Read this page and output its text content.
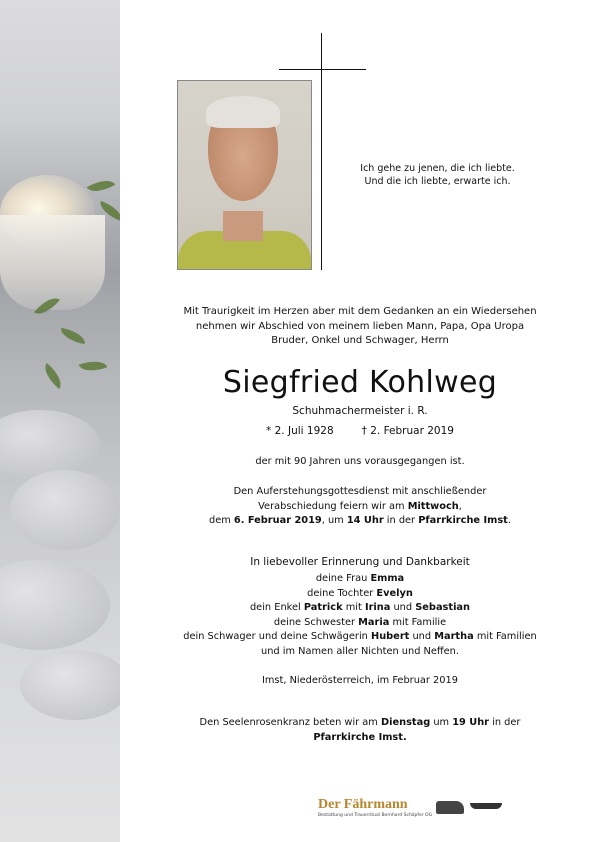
Ich gehe zu jenen, die ich liebte.
Und die ich liebte, erwarte ich.
Mit Traurigkeit im Herzen aber mit dem Gedanken an ein Wiedersehen
nehmen wir Abschied von meinem lieben Mann, Papa, Opa Uropa
Bruder, Onkel und Schwager, Herrn
Siegfried Kohlweg
Schuhmachermeister i. R.
* 2. Juli 1928	† 2. Februar 2019
der mit 90 Jahren uns vorausgegangen ist.
Den Auferstehungsgottesdienst mit anschließender
Verabschiedung feiern wir am Mittwoch,
dem 6. Februar 2019, um 14 Uhr in der Pfarrkirche Imst.
In liebevoller Erinnerung und Dankbarkeit
deine Frau Emma
deine Tochter Evelyn
dein Enkel Patrick mit Irina und Sebastian
deine Schwester Maria mit Familie
dein Schwager und deine Schwägerin Hubert und Martha mit Familien
und im Namen aller Nichten und Neffen.
Imst, Niederösterreich, im Februar 2019
Den Seelenrosenkranz beten wir am Dienstag um 19 Uhr in der
Pfarrkirche Imst.
Der Fährmann
Bestattung und Trauerritual Bernhard Schöpfer OG
